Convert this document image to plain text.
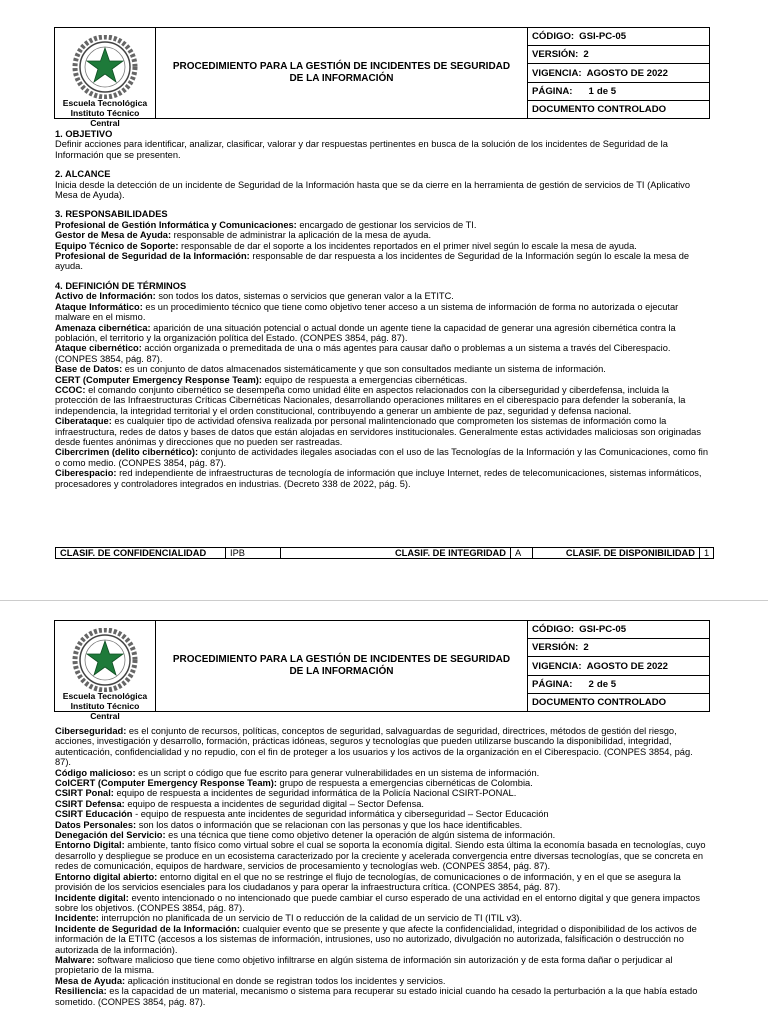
Escuela Tecnológica
Instituto Técnico Central
PROCEDIMIENTO PARA LA GESTIÓN DE INCIDENTES DE SEGURIDAD DE LA INFORMACIÓN
CÓDIGO: GSI-PC-05
VERSIÓN: 2
VIGENCIA: AGOSTO DE 2022
PÁGINA: 1 de 5
DOCUMENTO CONTROLADO

1. OBJETIVO

Definir acciones para identificar, analizar, clasificar, valorar y dar respuestas pertinentes en busca de la solución de los incidentes de Seguridad de la Información que se presenten.

2. ALCANCE

Inicia desde la detección de un incidente de Seguridad de la Información hasta que se da cierre en la herramienta de gestión de servicios de TI (Aplicativo Mesa de Ayuda).

3. RESPONSABILIDADES

Profesional de Gestión Informática y Comunicaciones: encargado de gestionar los servicios de TI.

Gestor de Mesa de Ayuda: responsable de administrar la aplicación de la mesa de ayuda.

Equipo Técnico de Soporte: responsable de dar el soporte a los incidentes reportados en el primer nivel según lo escale la mesa de ayuda.

Profesional de Seguridad de la Información: responsable de dar respuesta a los incidentes de Seguridad de la Información según lo escale la mesa de ayuda.

4. DEFINICIÓN DE TÉRMINOS

Activo de Información: son todos los datos, sistemas o servicios que generan valor a la ETITC.

Ataque Informático: es un procedimiento técnico que tiene como objetivo tener acceso a un sistema de información de forma no autorizada o ejecutar malware en el mismo.

Amenaza cibernética: aparición de una situación potencial o actual donde un agente tiene la capacidad de generar una agresión cibernética contra la población, el territorio y la organización política del Estado. (CONPES 3854, pág. 87).

Ataque cibernético: acción organizada o premeditada de una o más agentes para causar daño o problemas a un sistema a través del Ciberespacio. (CONPES 3854, pág. 87).

Base de Datos: es un conjunto de datos almacenados sistemáticamente y que son consultados mediante un sistema de información.

CERT (Computer Emergency Response Team): equipo de respuesta a emergencias cibernéticas.

CCOC: el comando conjunto cibernético se desempeña como unidad élite en aspectos relacionados con la ciberseguridad y ciberdefensa, incluida la protección de las Infraestructuras Críticas Cibernéticas Nacionales, desarrollando operaciones militares en el ciberespacio para defender la soberanía, la independencia, la integridad territorial y el orden constitucional, contribuyendo a generar un ambiente de paz, seguridad y defensa nacional.

Ciberataque: es cualquier tipo de actividad ofensiva realizada por personal malintencionado que comprometen los sistemas de información como la infraestructura, redes de datos y bases de datos que están alojadas en servidores institucionales. Generalmente estas actividades maliciosas son originadas desde fuentes anónimas y direcciones que no pueden ser rastreadas.

Cibercrimen (delito cibernético): conjunto de actividades ilegales asociadas con el uso de las Tecnologías de la Información y las Comunicaciones, como fin o como medio. (CONPES 3854, pág. 87).

Ciberespacio: red independiente de infraestructuras de tecnología de información que incluye Internet, redes de telecomunicaciones, sistemas informáticos, procesadores y controladores integrados en industrias. (Decreto 338 de 2022, pág. 5).

CLASIF. DE CONFIDENCIALIDAD	IPB	CLASIF. DE INTEGRIDAD A	CLASIF. DE DISPONIBILIDAD 1
Escuela Tecnológica
Instituto Técnico Central
PROCEDIMIENTO PARA LA GESTIÓN DE INCIDENTES DE SEGURIDAD DE LA INFORMACIÓN
CÓDIGO: GSI-PC-05
VERSIÓN: 2
VIGENCIA: AGOSTO DE 2022
PÁGINA: 2 de 5
DOCUMENTO CONTROLADO

Ciberseguridad: es el conjunto de recursos, políticas, conceptos de seguridad, salvaguardas de seguridad, directrices, métodos de gestión del riesgo, acciones, investigación y desarrollo, formación, prácticas idóneas, seguros y tecnologías que pueden utilizarse buscando la disponibilidad, integridad, autenticación, confidencialidad y no repudio, con el fin de proteger a los usuarios y los activos de la organización en el Ciberespacio. (CONPES 3854, pág. 87).

Código malicioso: es un script o código que fue escrito para generar vulnerabilidades en un sistema de información.

ColCERT (Computer Emergency Response Team): grupo de respuesta a emergencias cibernéticas de Colombia.

CSIRT Ponal: equipo de respuesta a incidentes de seguridad informática de la Policía Nacional CSIRT-PONAL.

CSIRT Defensa: equipo de respuesta a incidentes de seguridad digital – Sector Defensa.

CSIRT Educación - equipo de respuesta ante incidentes de seguridad informática y cibersegurida​d – Sector Educación

Datos Personales: son los datos o información que se relacionan con las personas y que los hace identificables.

Denegación del Servicio: es una técnica que tiene como objetivo detener la operación de algún sistema de información.

Entorno Digital: ambiente, tanto físico como virtual sobre el cual se soporta la economía digital. Siendo esta última la economía basada en tecnologías, cuyo desarrollo y despliegue se produce en un ecosistema caracterizado por la creciente y acelerada convergencia entre diversas tecnologías, que se concreta en redes de comunicación, equipos de hardware, servicios de procesamiento y tecnologías web. (CONPES 3854, pág. 87).

Entorno digital abierto: entorno digital en el que no se restringe el flujo de tecnologías, de comunicaciones o de información, y en el que se asegura la provisión de los servicios esenciales para los ciudadanos y para operar la infraestructura crítica. (CONPES 3854, pág. 87).

Incidente digital: evento intencionado o no intencionado que puede cambiar el curso esperado de una actividad en el entorno digital y que genera impactos sobre los objetivos. (CONPES 3854, pág. 87).

Incidente: interrupción no planificada de un servicio de TI o reducción de la calidad de un servicio de TI (ITIL v3).

Incidente de Seguridad de la Información: cualquier evento que se presente y que afecte la confidencialidad, integridad o disponibilidad de los activos de información de la ETITC (accesos a los sistemas de información, intrusiones, uso no autorizado, divulgación no autorizada, falsificación o destrucción no autorizada de la información).

Malware: software malicioso que tiene como objetivo infiltrarse en algún sistema de información sin autorización y de esta forma dañar o perjudicar al propietario de la misma.

Mesa de Ayuda: aplicación institucional en donde se registran todos los incidentes y servicios.

Resiliencia: es la capacidad de un material, mecanismo o sistema para recuperar su estado inicial cuando ha cesado la perturbación a la que había estado sometido. (CONPES 3854, pág. 87).
